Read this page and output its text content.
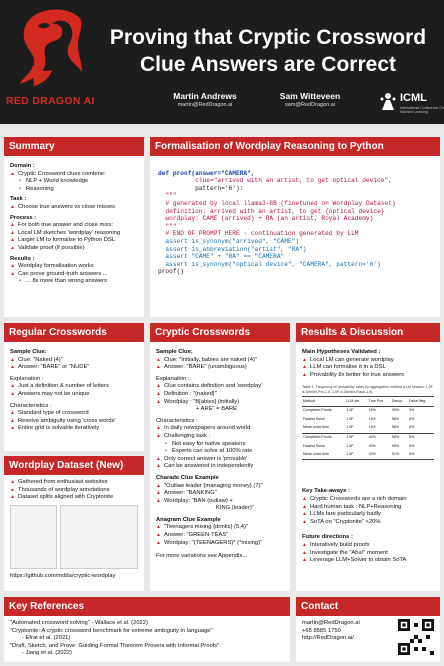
RED DRAGON AI
Proving that Cryptic Crossword
Clue Answers are Correct
Martin Andrews
martin@RedDragon.ai
Sam Witteveen
sam@RedDragon.ai
ICML
International Conference On Machine Learning
Summary
Domain :
▲ Cryptic Crossword clues combine:
• NLP + World knowledge
• Reasoning
Task :
▲ Choose true answers vs close misses
Process :
▲ For both true answer and close miss:
▲ Local LM sketches 'wordplay' reasoning
▲ Larger LM to formalise to Python DSL
▲ Validate proof (if possible)
Results :
▲ Wordplay formalisation works
▲ Can prove ground-truth answers ...
• ... 8x more than wrong answers
Formalisation of Wordplay Reasoning to Python

def proof(answer="CAMERA",
clue="arrived with an artist, to get optical device",
pattern='6'):
"""
# generated by local llama3-8B (finetuned on Wordplay Dataset)
definition: arrived with an artist, to get {optical device}
wordplay: CAME (arrived) + RA (an artist, Royal Academy)
"""
# END OF PROMPT HERE - continuation generated by LLM
assert is_synonym("arrived", "CAME")
assert is_abbreviation("artist", "RA")
assert "CAME" + "RA" == "CAMERA"
assert is_synonym("optical device", "CAMERA", pattern='6')
proof()

Regular Crosswords
Sample Clue:
▲ Clue: "Naked (4)"
▲ Answer: "BARE" or "NUDE"
Explanation :
▲ Just a definition & number of letters
▲ Answers may not be unique
Characteristics :
▲ Standard type of crossword
▲ Resolve ambiguity using 'cross words'
▲ Entire grid is solvable iteratively
Cryptic Crosswords
Sample Clue:
▲ Clue: "Initially, babies are naked (4)"
▲ Answer: "BARE" (unambiguous)
Explanation :
▲ Clue contains definition and 'wordplay'
▲ Definition : "{naked}"
▲ Wordplay : "B[abies] (initially)
+ ARE" = BARE
Characteristics :
▲ In daily newspapers around world
▲ Challenging task :
• Not easy for native speakers
• Experts can solve at 100% rate
▲ Only correct answer is 'provable'
▲ Can be answered in independently
Charade Clue Example
▲ "Outlaw leader {managing money} (7)"
▲ Answer: "BANKING"
▲ Wordplay: "BAN (outlaw) +
KING (leader)"
Anagram Clue Example
▲ "Teenagers mixing {drinks} (5,4)"
▲ Answer: "GREEN-TEAS"
▲ Wordplay: "(TEENAGERS)* (*mixing)"
For more variations see Appendix...
Wordplay Dataset (New)
▲ Gathered from enthusiast websites
▲ Thousands of wordplay annotations
▲ Dataset splits aligned with Cryptonite
https://github.com/mdda/cryptic-wordplay
Results & Discussion
Main Hypotheses Validated :
▲ Local LM can generate wordplay
▲ LLM can formalise it in a DSL
▲ Provability 8x better for true answers
Table 1. Frequency of 'provability' rates by aggregation method (LLM version: 1.0F is Gemini-Pro-1.0, 1.5F is Gemini-Flash-1.5)
Method	LLM ver.	True Pos	Decoy	False Neg
Completed Proofs	1.0F	16%	39%	3%
Fastest Solve	1.0F	16%	56%	6%
Mean solve time	1.0F	16%	56%	6%
Completed Proofs	1.5F	40%	55%	5%
Fastest Solve	1.5F	40%	55%	5%
Mean solve time	1.5F	42%	51%	5%
Key Take-aways :
▲ Cryptic Crosswords are a rich domain
▲ Hard human task : NLP+Reasoning
▲ LLMs fare particularly badly
▲ SoTA on "Cryptonite" <20%
Future directions :
▲ Interatively build proofs
▲ Investigate the "Aha!" moment
▲ Leverage LLM+Solver to obtain SoTA
Key References
"Automated crossword solving" - Wallace et al. (2022)
"Cryptonite: A cryptic crossword benchmark for extreme ambiguity in language"
- Efrat et al. (2021)
"Draft, Sketch, and Prove: Guiding Formal Theorem Provers with Informal Proofs"
- Jiang et al. (2022)
Contact
martin@RedDragon.ai
+65 8585 1750
http://RedDragon.ai/
